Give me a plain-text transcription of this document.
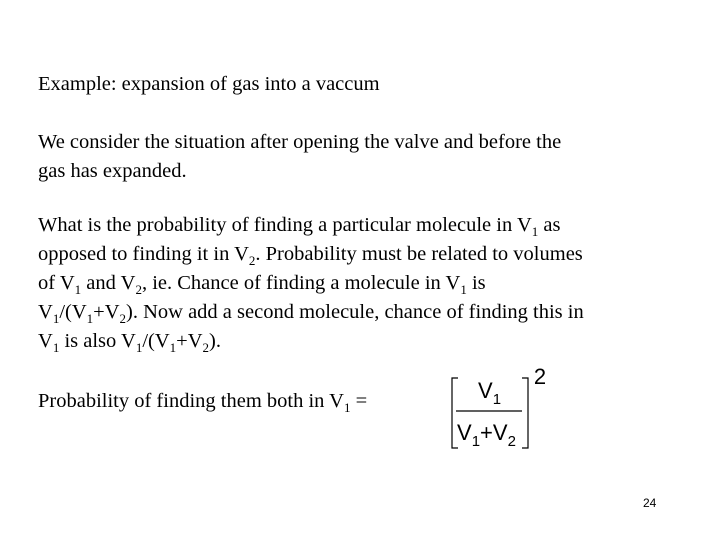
Example: expansion of gas into a vaccum
We consider the situation after opening the valve and before the
gas has expanded.
What is the probability of finding a particular molecule in $V_1$ as
opposed to finding it in $V_2$. Probability must be related to volumes
of $V_1$ and $V_2$, ie. Chance of finding a molecule in $V_1$ is
$V_1/(V_1+V_2)$. Now add a second molecule, chance of finding this in
$V_1$ is also $V_1/(V_1+V_2)$.
Probability of finding them both in $V_1$ =
2
$V_1$
$V_1+V_2$
24
